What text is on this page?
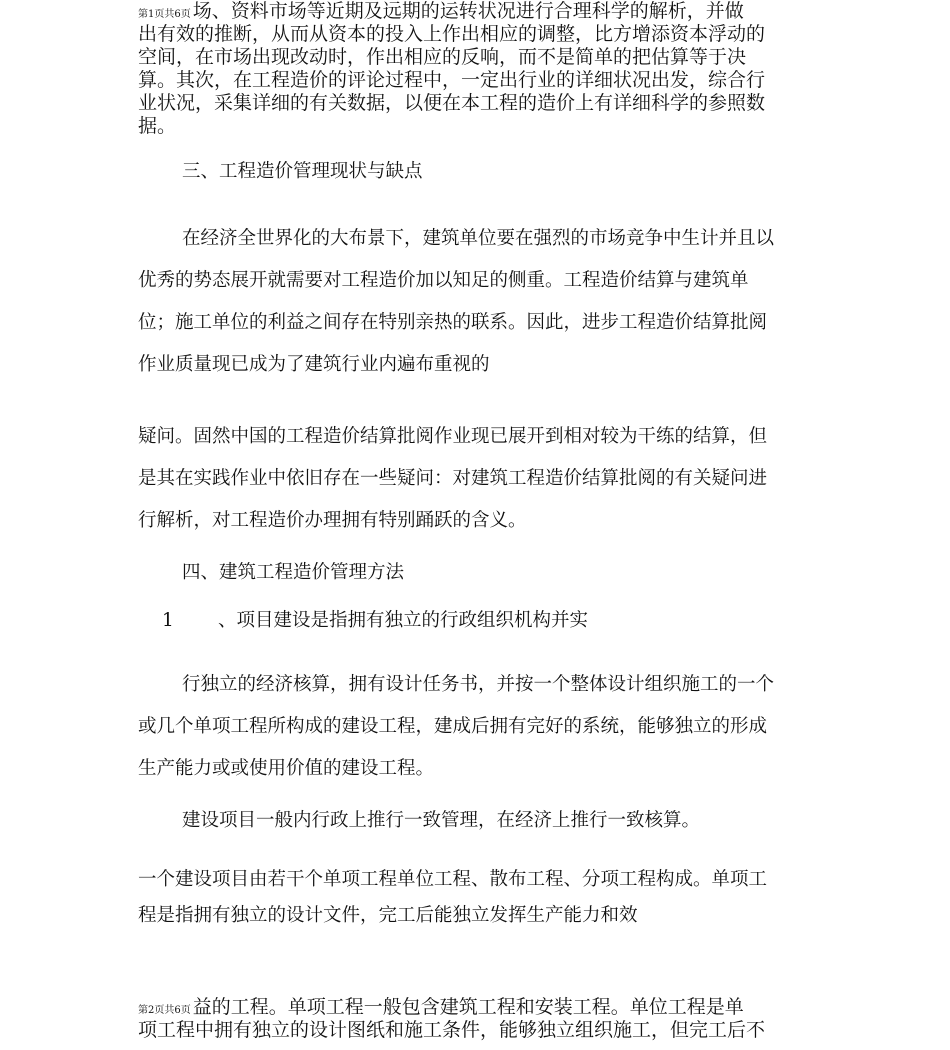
第1页共6页 场、资料市场等近期及远期的运转状况进行合理科学的解析，并做
出有效的推断，从而从资本的投入上作出相应的调整，比方增添资本浮动的
空间，在市场出现改动时，作出相应的反响，而不是简单的把估算等于决
算。其次，在工程造价的评论过程中，一定出行业的详细状况出发，综合行
业状况，采集详细的有关数据，以便在本工程的造价上有详细科学的参照数
据。
三、工程造价管理现状与缺点
在经济全世界化的大布景下，建筑单位要在强烈的市场竞争中生计并且以
优秀的势态展开就需要对工程造价加以知足的侧重。工程造价结算与建筑单
位；施工单位的利益之间存在特别亲热的联系。因此，进步工程造价结算批阅
作业质量现已成为了建筑行业内遍布重视的
疑问。固然中国的工程造价结算批阅作业现已展开到相对较为干练的结算，但
是其在实践作业中依旧存在一些疑问：对建筑工程造价结算批阅的有关疑问进
行解析，对工程造价办理拥有特别踊跃的含义。
四、建筑工程造价管理方法
1 、项目建设是指拥有独立的行政组织机构并实
行独立的经济核算，拥有设计任务书，并按一个整体设计组织施工的一个
或几个单项工程所构成的建设工程，建成后拥有完好的系统，能够独立的形成
生产能力或或使用价值的建设工程。
建设项目一般内行政上推行一致管理，在经济上推行一致核算。
一个建设项目由若干个单项工程单位工程、散布工程、分项工程构成。单项工
程是指拥有独立的设计文件，完工后能独立发挥生产能力和效
第2页共6页 益的工程。单项工程一般包含建筑工程和安装工程。单位工程是单
项工程中拥有独立的设计图纸和施工条件，能够独立组织施工，但完工后不
